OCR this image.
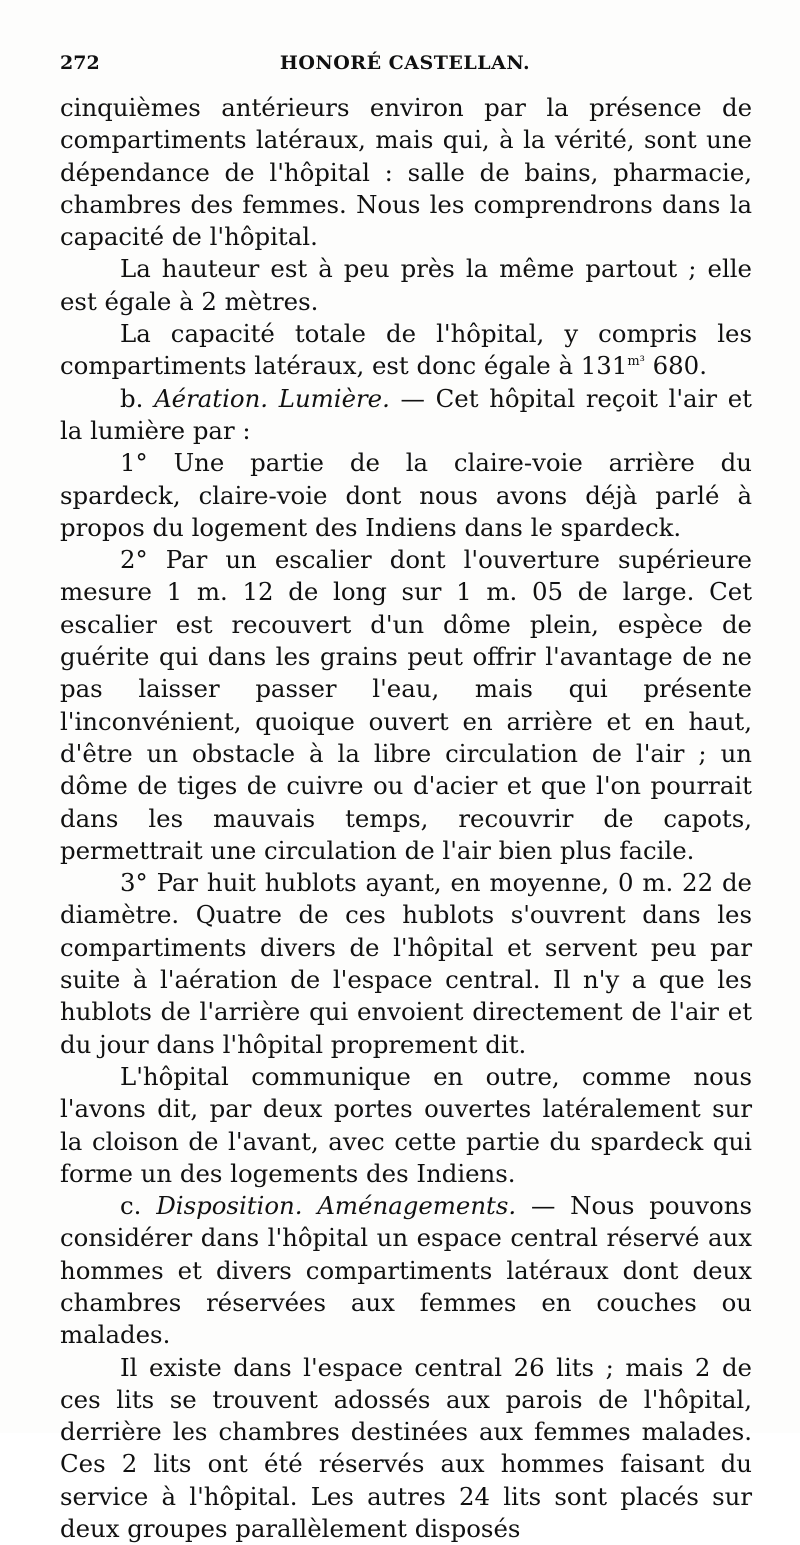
272	HONORÉ CASTELLAN.

cinquièmes antérieurs environ par la présence de compartiments latéraux, mais qui, à la vérité, sont une dépendance de l'hôpital : salle de bains, pharmacie, chambres des femmes. Nous les comprendrons dans la capacité de l'hôpital.

La hauteur est à peu près la même partout ; elle est égale à 2 mètres.

La capacité totale de l'hôpital, y compris les compartiments latéraux, est donc égale à $131^{m^3}$ 680.

b. Aération. Lumière. — Cet hôpital reçoit l'air et la lumière par :

1° Une partie de la claire-voie arrière du spardeck, claire-voie dont nous avons déjà parlé à propos du logement des Indiens dans le spardeck.

2° Par un escalier dont l'ouverture supérieure mesure 1 m. 12 de long sur 1 m. 05 de large. Cet escalier est recouvert d'un dôme plein, espèce de guérite qui dans les grains peut offrir l'avantage de ne pas laisser passer l'eau, mais qui présente l'inconvénient, quoique ouvert en arrière et en haut, d'être un obstacle à la libre circulation de l'air ; un dôme de tiges de cuivre ou d'acier et que l'on pourrait dans les mauvais temps, recouvrir de capots, permettrait une circulation de l'air bien plus facile.

3° Par huit hublots ayant, en moyenne, 0 m. 22 de diamètre. Quatre de ces hublots s'ouvrent dans les compartiments divers de l'hôpital et servent peu par suite à l'aération de l'espace central. Il n'y a que les hublots de l'arrière qui envoient directement de l'air et du jour dans l'hôpital proprement dit.

L'hôpital communique en outre, comme nous l'avons dit, par deux portes ouvertes latéralement sur la cloison de l'avant, avec cette partie du spardeck qui forme un des logements des Indiens.

c. Disposition. Aménagements. — Nous pouvons considérer dans l'hôpital un espace central réservé aux hommes et divers compartiments latéraux dont deux chambres réservées aux femmes en couches ou malades.

Il existe dans l'espace central 26 lits ; mais 2 de ces lits se trouvent adossés aux parois de l'hôpital, derrière les chambres destinées aux femmes malades. Ces 2 lits ont été réservés aux hommes faisant du service à l'hôpital. Les autres 24 lits sont placés sur deux groupes parallèlement disposés
